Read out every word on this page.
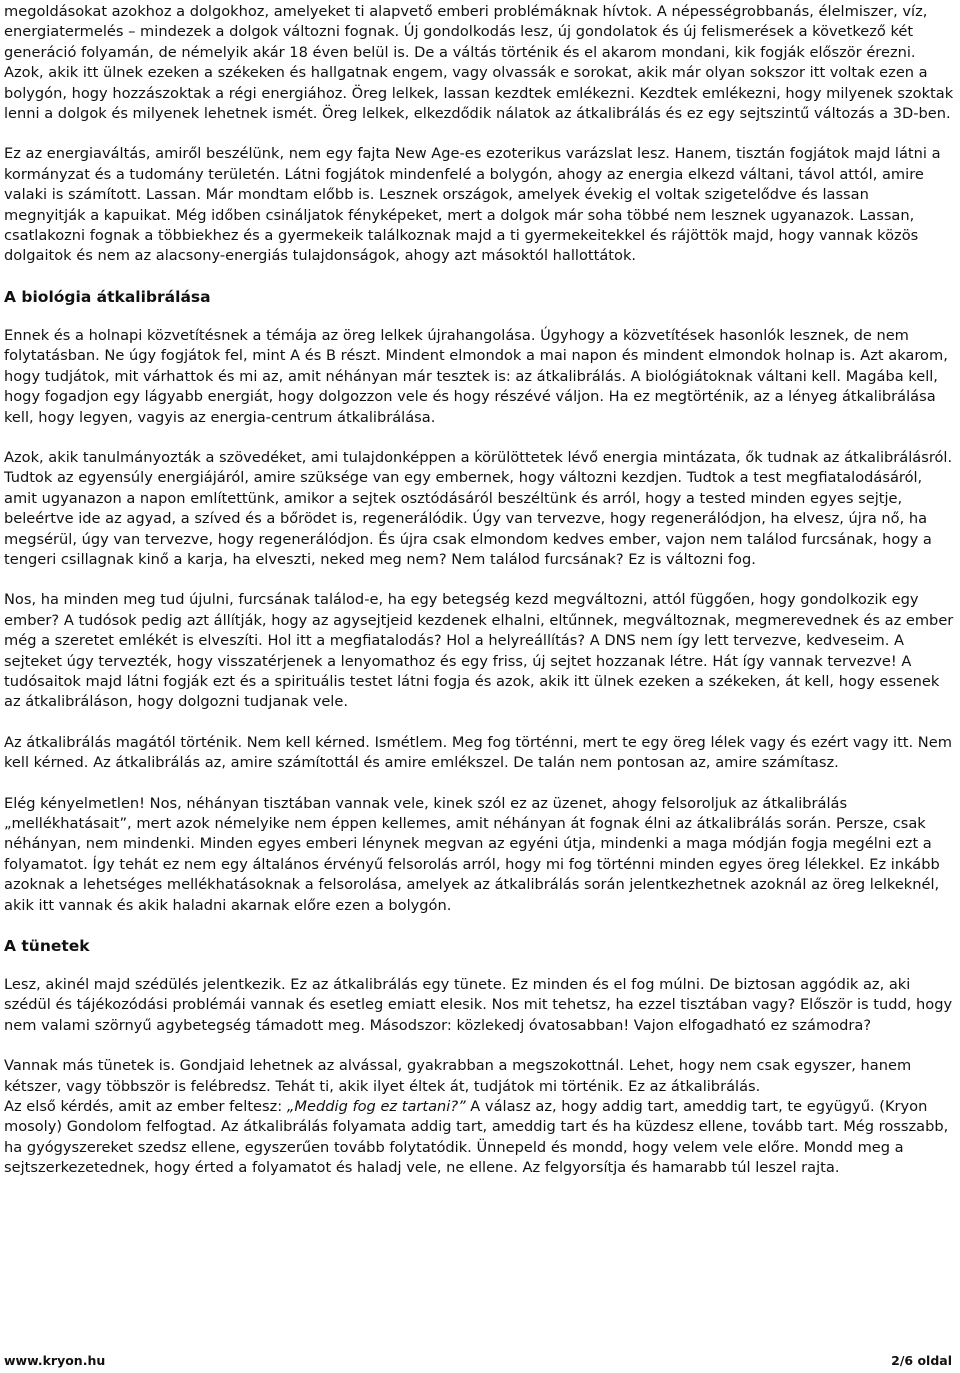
megoldásokat azokhoz a dolgokhoz, amelyeket ti alapvető emberi problémáknak hívtok. A népességrobbanás, élelmiszer, víz, energiatermelés – mindezek a dolgok változni fognak. Új gondolkodás lesz, új gondolatok és új felismerések a következő két generáció folyamán, de némelyik akár 18 éven belül is. De a váltás történik és el akarom mondani, kik fogják először érezni. Azok, akik itt ülnek ezeken a székeken és hallgatnak engem, vagy olvassák e sorokat, akik már olyan sokszor itt voltak ezen a bolygón, hogy hozzászoktak a régi energiához. Öreg lelkek, lassan kezdtek emlékezni. Kezdtek emlékezni, hogy milyenek szoktak lenni a dolgok és milyenek lehetnek ismét. Öreg lelkek, elkezdődik nálatok az átkalibrálás és ez egy sejtszintű változás a 3D-ben.

Ez az energiaváltás, amiről beszélünk, nem egy fajta New Age-es ezoterikus varázslat lesz. Hanem, tisztán fogjátok majd látni a kormányzat és a tudomány területén. Látni fogjátok mindenfelé a bolygón, ahogy az energia elkezd váltani, távol attól, amire valaki is számított. Lassan. Már mondtam előbb is. Lesznek országok, amelyek évekig el voltak szigetelődve és lassan megnyitják a kapuikat. Még időben csináljatok fényképeket, mert a dolgok már soha többé nem lesznek ugyanazok. Lassan, csatlakozni fognak a többiekhez és a gyermekeik találkoznak majd a ti gyermekeitekkel és rájöttök majd, hogy vannak közös dolgaitok és nem az alacsony-energiás tulajdonságok, ahogy azt másoktól hallottátok.

A biológia átkalibrálása

Ennek és a holnapi közvetítésnek a témája az öreg lelkek újrahangolása. Úgyhogy a közvetítések hasonlók lesznek, de nem folytatásban. Ne úgy fogjátok fel, mint A és B részt. Mindent elmondok a mai napon és mindent elmondok holnap is. Azt akarom, hogy tudjátok, mit várhattok és mi az, amit néhányan már tesztek is: az átkalibrálás. A biológiátoknak váltani kell. Magába kell, hogy fogadjon egy lágyabb energiát, hogy dolgozzon vele és hogy részévé váljon. Ha ez megtörténik, az a lényeg átkalibrálása kell, hogy legyen, vagyis az energia-centrum átkalibrálása.

Azok, akik tanulmányozták a szövedéket, ami tulajdonképpen a körülöttetek lévő energia mintázata, ők tudnak az átkalibrálásról. Tudtok az egyensúly energiájáról, amire szüksége van egy embernek, hogy változni kezdjen. Tudtok a test megfiatalodásáról, amit ugyanazon a napon említettünk, amikor a sejtek osztódásáról beszéltünk és arról, hogy a tested minden egyes sejtje, beleértve ide az agyad, a szíved és a bőrödet is, regenerálódik. Úgy van tervezve, hogy regenerálódjon, ha elvesz, újra nő, ha megsérül, úgy van tervezve, hogy regenerálódjon. És újra csak elmondom kedves ember, vajon nem találod furcsának, hogy a tengeri csillagnak kinő a karja, ha elveszti, neked meg nem? Nem találod furcsának? Ez is változni fog.

Nos, ha minden meg tud újulni, furcsának találod-e, ha egy betegség kezd megváltozni, attól függően, hogy gondolkozik egy ember? A tudósok pedig azt állítják, hogy az agysejtjeid kezdenek elhalni, eltűnnek, megváltoznak, megmerevednek és az ember még a szeretet emlékét is elveszíti. Hol itt a megfiatalodás? Hol a helyreállítás? A DNS nem így lett tervezve, kedveseim. A sejteket úgy tervezték, hogy visszatérjenek a lenyomathoz és egy friss, új sejtet hozzanak létre. Hát így vannak tervezve! A tudósaitok majd látni fogják ezt és a spirituális testet látni fogja és azok, akik itt ülnek ezeken a székeken, át kell, hogy essenek az átkalibráláson, hogy dolgozni tudjanak vele.

Az átkalibrálás magától történik. Nem kell kérned. Ismétlem. Meg fog történni, mert te egy öreg lélek vagy és ezért vagy itt. Nem kell kérned. Az átkalibrálás az, amire számítottál és amire emlékszel. De talán nem pontosan az, amire számítasz.

Elég kényelmetlen! Nos, néhányan tisztában vannak vele, kinek szól ez az üzenet, ahogy felsoroljuk az átkalibrálás „mellékhatásait”, mert azok némelyike nem éppen kellemes, amit néhányan át fognak élni az átkalibrálás során. Persze, csak néhányan, nem mindenki. Minden egyes emberi lénynek megvan az egyéni útja, mindenki a maga módján fogja megélni ezt a folyamatot. Így tehát ez nem egy általános érvényű felsorolás arról, hogy mi fog történni minden egyes öreg lélekkel. Ez inkább azoknak a lehetséges mellékhatásoknak a felsorolása, amelyek az átkalibrálás során jelentkezhetnek azoknál az öreg lelkeknél, akik itt vannak és akik haladni akarnak előre ezen a bolygón.

A tünetek

Lesz, akinél majd szédülés jelentkezik. Ez az átkalibrálás egy tünete. Ez minden és el fog múlni. De biztosan aggódik az, aki szédül és tájékozódási problémái vannak és esetleg emiatt elesik. Nos mit tehetsz, ha ezzel tisztában vagy? Először is tudd, hogy nem valami szörnyű agybetegség támadott meg. Másodszor: közlekedj óvatosabban! Vajon elfogadható ez számodra?

Vannak más tünetek is. Gondjaid lehetnek az alvással, gyakrabban a megszokottnál. Lehet, hogy nem csak egyszer, hanem kétszer, vagy többször is felébredsz. Tehát ti, akik ilyet éltek át, tudjátok mi történik. Ez az átkalibrálás.

Az első kérdés, amit az ember feltesz: „Meddig fog ez tartani?” A válasz az, hogy addig tart, ameddig tart, te együgyű. (Kryon mosoly) Gondolom felfogtad. Az átkalibrálás folyamata addig tart, ameddig tart és ha küzdesz ellene, tovább tart. Még rosszabb, ha gyógyszereket szedsz ellene, egyszerűen tovább folytatódik. Ünnepeld és mondd, hogy velem vele előre. Mondd meg a sejtszerkezetednek, hogy érted a folyamatot és haladj vele, ne ellene. Az felgyorsítja és hamarabb túl leszel rajta.

www.kryon.hu	2/6 oldal
